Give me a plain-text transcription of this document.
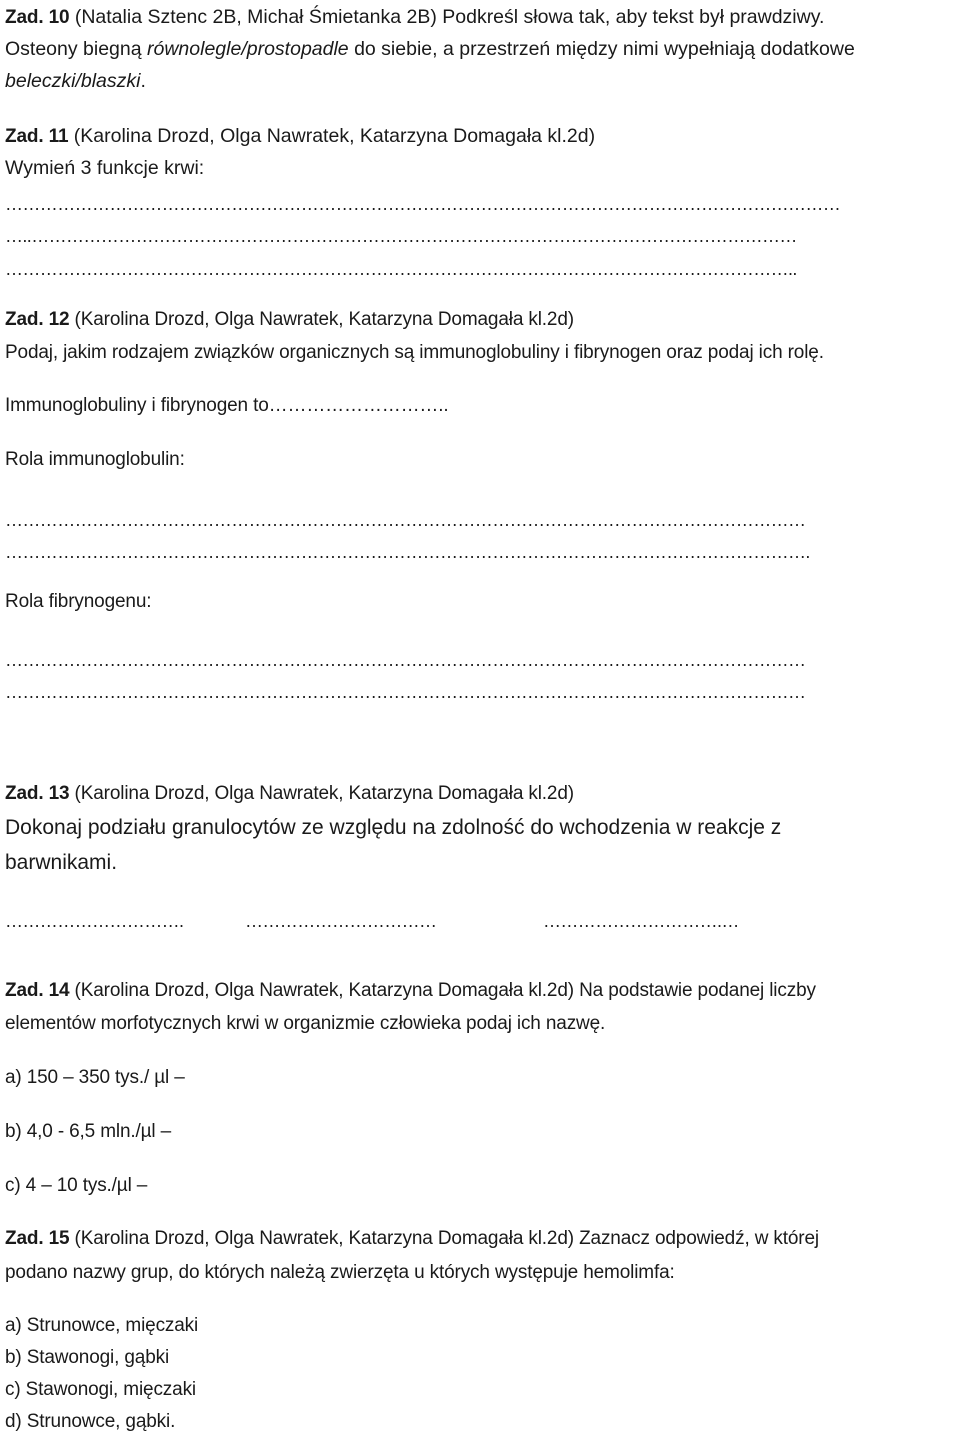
Zad. 10 (Natalia Sztenc 2B, Michał Śmietanka 2B) Podkreśl słowa tak, aby tekst był prawdziwy.
Osteony biegną równolegle/prostopadle do siebie, a przestrzeń między nimi wypełniają dodatkowe
beleczki/blaszki.
Zad. 11 (Karolina Drozd, Olga Nawratek, Katarzyna Domagała kl.2d)
Wymień 3 funkcje krwi:
………………………………………………………………………………………………………………………………
…..……………………………………………………………………………………………………………………
………………………………………………………………………………………………………………………..
Zad. 12 (Karolina Drozd, Olga Nawratek, Katarzyna Domagała kl.2d)
Podaj, jakim rodzajem związków organicznych są immunoglobuliny i fibrynogen oraz podaj ich rolę.
Immunoglobuliny i fibrynogen to………………………..
Rola immunoglobulin:
…………………………………………………………………………………………………………………………
………………………………………………………………………………………………………………………….
Rola fibrynogenu:
…………………………………………………………………………………………………………………………
…………………………………………………………………………………………………………………………
Zad. 13 (Karolina Drozd, Olga Nawratek, Katarzyna Domagała kl.2d)
Dokonaj podziału granulocytów ze względu na zdolność do wchodzenia w reakcje z
barwnikami.
………………………….	……………………………	………………………….…
Zad. 14 (Karolina Drozd, Olga Nawratek, Katarzyna Domagała kl.2d) Na podstawie podanej liczby
elementów morfotycznych krwi w organizmie człowieka podaj ich nazwę.
a) 150 – 350 tys./ µl –
b) 4,0 - 6,5 mln./µl –
c) 4 – 10 tys./µl –
Zad. 15 (Karolina Drozd, Olga Nawratek, Katarzyna Domagała kl.2d) Zaznacz odpowiedź, w której
podano nazwy grup, do których należą zwierzęta u których występuje hemolimfa:
a) Strunowce, mięczaki
b) Stawonogi, gąbki
c) Stawonogi, mięczaki
d) Strunowce, gąbki.
